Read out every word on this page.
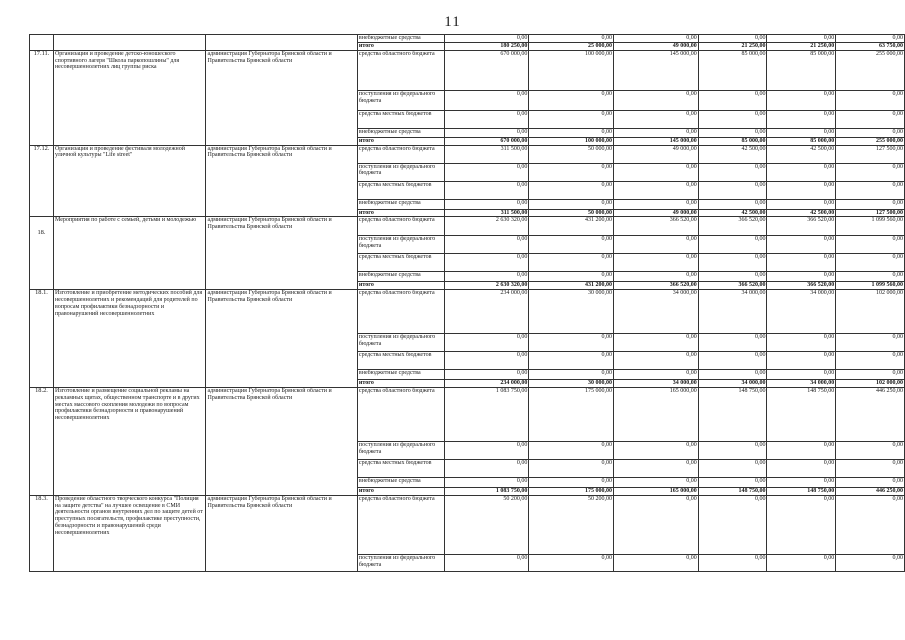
11
			внебюджетные средства	0,00	0,00	0,00	0,00	0,00	0,00
			итого	180 250,00	25 000,00	49 000,00	21 250,00	21 250,00	63 750,00
17.11.	Организация и проведение детско-юношеского спортивного лагеря "Школа паркопошлины" для несовершеннолетних лиц группы риска	администрация Губернатора Брянской области и Правительства Брянской области	средства областного бюджета	670 000,00	100 000,00	145 000,00	85 000,00	85 000,00	255 000,00
			поступления из федерального бюджета	0,00	0,00	0,00	0,00	0,00	0,00
			средства местных бюджетов	0,00	0,00	0,00	0,00	0,00	0,00
			внебюджетные средства	0,00	0,00	0,00	0,00	0,00	0,00
			итого	670 000,00	100 000,00	145 000,00	85 000,00	85 000,00	255 000,00
17.12.	Организация и проведение фестиваля молодежной уличной культуры "Life street"	администрация Губернатора Брянской области и Правительства Брянской области	средства областного бюджета	311 500,00	50 000,00	49 000,00	42 500,00	42 500,00	127 500,00
			поступления из федерального бюджета	0,00	0,00	0,00	0,00	0,00	0,00
			средства местных бюджетов	0,00	0,00	0,00	0,00	0,00	0,00
			внебюджетные средства	0,00	0,00	0,00	0,00	0,00	0,00
			итого	311 500,00	50 000,00	49 000,00	42 500,00	42 500,00	127 500,00
18.	Мероприятия по работе с семьей, детьми и молодежью	администрация Губернатора Брянской области и Правительства Брянской области	средства областного бюджета	2 630 320,00	431 200,00	366 520,00	366 520,00	366 520,00	1 099 560,00
			поступления из федерального бюджета	0,00	0,00	0,00	0,00	0,00	0,00
			средства местных бюджетов	0,00	0,00	0,00	0,00	0,00	0,00
			внебюджетные средства	0,00	0,00	0,00	0,00	0,00	0,00
			итого	2 630 320,00	431 200,00	366 520,00	366 520,00	366 520,00	1 099 560,00
18.1.	Изготовление и приобретение методических пособий для несовершеннолетних и рекомендаций для родителей по вопросам профилактики безнадзорности и правонарушений несовершеннолетних	администрация Губернатора Брянской области и Правительства Брянской области	средства областного бюджета	234 000,00	30 000,00	34 000,00	34 000,00	34 000,00	102 000,00
			поступления из федерального бюджета	0,00	0,00	0,00	0,00	0,00	0,00
			средства местных бюджетов	0,00	0,00	0,00	0,00	0,00	0,00
			внебюджетные средства	0,00	0,00	0,00	0,00	0,00	0,00
			итого	234 000,00	30 000,00	34 000,00	34 000,00	34 000,00	102 000,00
18.2.	Изготовление и размещение социальной рекламы на рекламных щитах, общественном транспорте и в других местах массового скопления молодежи по вопросам профилактики безнадзорности и правонарушений несовершеннолетних	администрация Губернатора Брянской области и Правительства Брянской области	средства областного бюджета	1 083 750,00	175 000,00	165 000,00	148 750,00	148 750,00	446 250,00
			поступления из федерального бюджета	0,00	0,00	0,00	0,00	0,00	0,00
			средства местных бюджетов	0,00	0,00	0,00	0,00	0,00	0,00
			внебюджетные средства	0,00	0,00	0,00	0,00	0,00	0,00
			итого	1 083 750,00	175 000,00	165 000,00	148 750,00	148 750,00	446 250,00
18.3.	Проведение областного творческого конкурса "Полиция на защите детства" на лучшее освещение в СМИ деятельности органов внутренних дел по защите детей от преступных посягательств, профилактике преступности, безнадзорности и правонарушений среди несовершеннолетних	администрация Губернатора Брянской области и Правительства Брянской области	средства областного бюджета	50 200,00	50 200,00	0,00	0,00	0,00	0,00
			поступления из федерального бюджета	0,00	0,00	0,00	0,00	0,00	0,00
